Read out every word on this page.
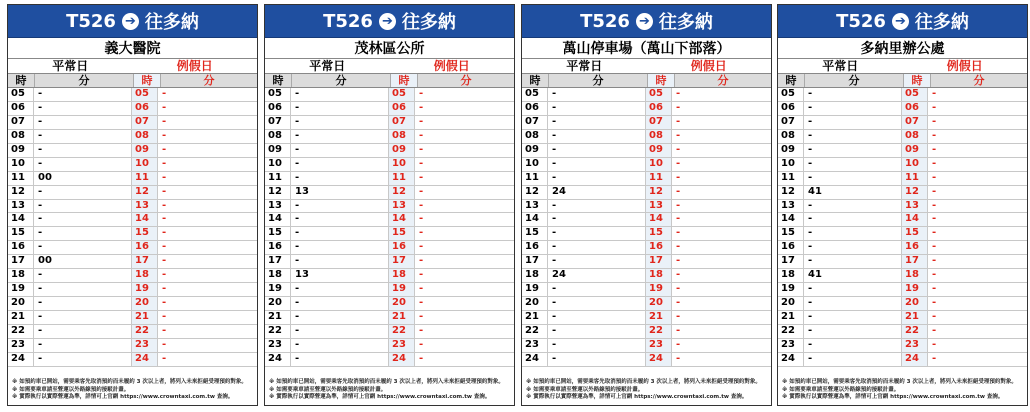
T526 ➔ 往多納
義大醫院
平常日	例假日
時	分	時	分
05	-	05	-
06	-	06	-
07	-	07	-
08	-	08	-
09	-	09	-
10	-	10	-
11	00	11	-
12	-	12	-
13	-	13	-
14	-	14	-
15	-	15	-
16	-	16	-
17	00	17	-
18	-	18	-
19	-	19	-
20	-	20	-
21	-	21	-
22	-	22	-
23	-	23	-
24	-	24	-
※ 如預約車已開站，需要乘客先取消預約而未履約 3 次以上者，將列入未來拒絕受理預約對象。
※ 如需要乘車請至營運以外路線預約接駁計畫。
※ 實際執行以實際營運為準，詳情可上官網 https://www.crowntaxi.com.tw 查詢。
T526 ➔ 往多納
茂林區公所
平常日	例假日
時	分	時	分
05	-	05	-
06	-	06	-
07	-	07	-
08	-	08	-
09	-	09	-
10	-	10	-
11	-	11	-
12	13	12	-
13	-	13	-
14	-	14	-
15	-	15	-
16	-	16	-
17	-	17	-
18	13	18	-
19	-	19	-
20	-	20	-
21	-	21	-
22	-	22	-
23	-	23	-
24	-	24	-
※ 如預約車已開站，需要乘客先取消預約而未履約 3 次以上者，將列入未來拒絕受理預約對象。
※ 如需要乘車請至營運以外路線預約接駁計畫。
※ 實際執行以實際營運為準，詳情可上官網 https://www.crowntaxi.com.tw 查詢。
T526 ➔ 往多納
萬山停車場（萬山下部落）
平常日	例假日
時	分	時	分
05	-	05	-
06	-	06	-
07	-	07	-
08	-	08	-
09	-	09	-
10	-	10	-
11	-	11	-
12	24	12	-
13	-	13	-
14	-	14	-
15	-	15	-
16	-	16	-
17	-	17	-
18	24	18	-
19	-	19	-
20	-	20	-
21	-	21	-
22	-	22	-
23	-	23	-
24	-	24	-
※ 如預約車已開站，需要乘客先取消預約而未履約 3 次以上者，將列入未來拒絕受理預約對象。
※ 如需要乘車請至營運以外路線預約接駁計畫。
※ 實際執行以實際營運為準，詳情可上官網 https://www.crowntaxi.com.tw 查詢。
T526 ➔ 往多納
多納里辦公處
平常日	例假日
時	分	時	分
05	-	05	-
06	-	06	-
07	-	07	-
08	-	08	-
09	-	09	-
10	-	10	-
11	-	11	-
12	41	12	-
13	-	13	-
14	-	14	-
15	-	15	-
16	-	16	-
17	-	17	-
18	41	18	-
19	-	19	-
20	-	20	-
21	-	21	-
22	-	22	-
23	-	23	-
24	-	24	-
※ 如預約車已開站，需要乘客先取消預約而未履約 3 次以上者，將列入未來拒絕受理預約對象。
※ 如需要乘車請至營運以外路線預約接駁計畫。
※ 實際執行以實際營運為準，詳情可上官網 https://www.crowntaxi.com.tw 查詢。
